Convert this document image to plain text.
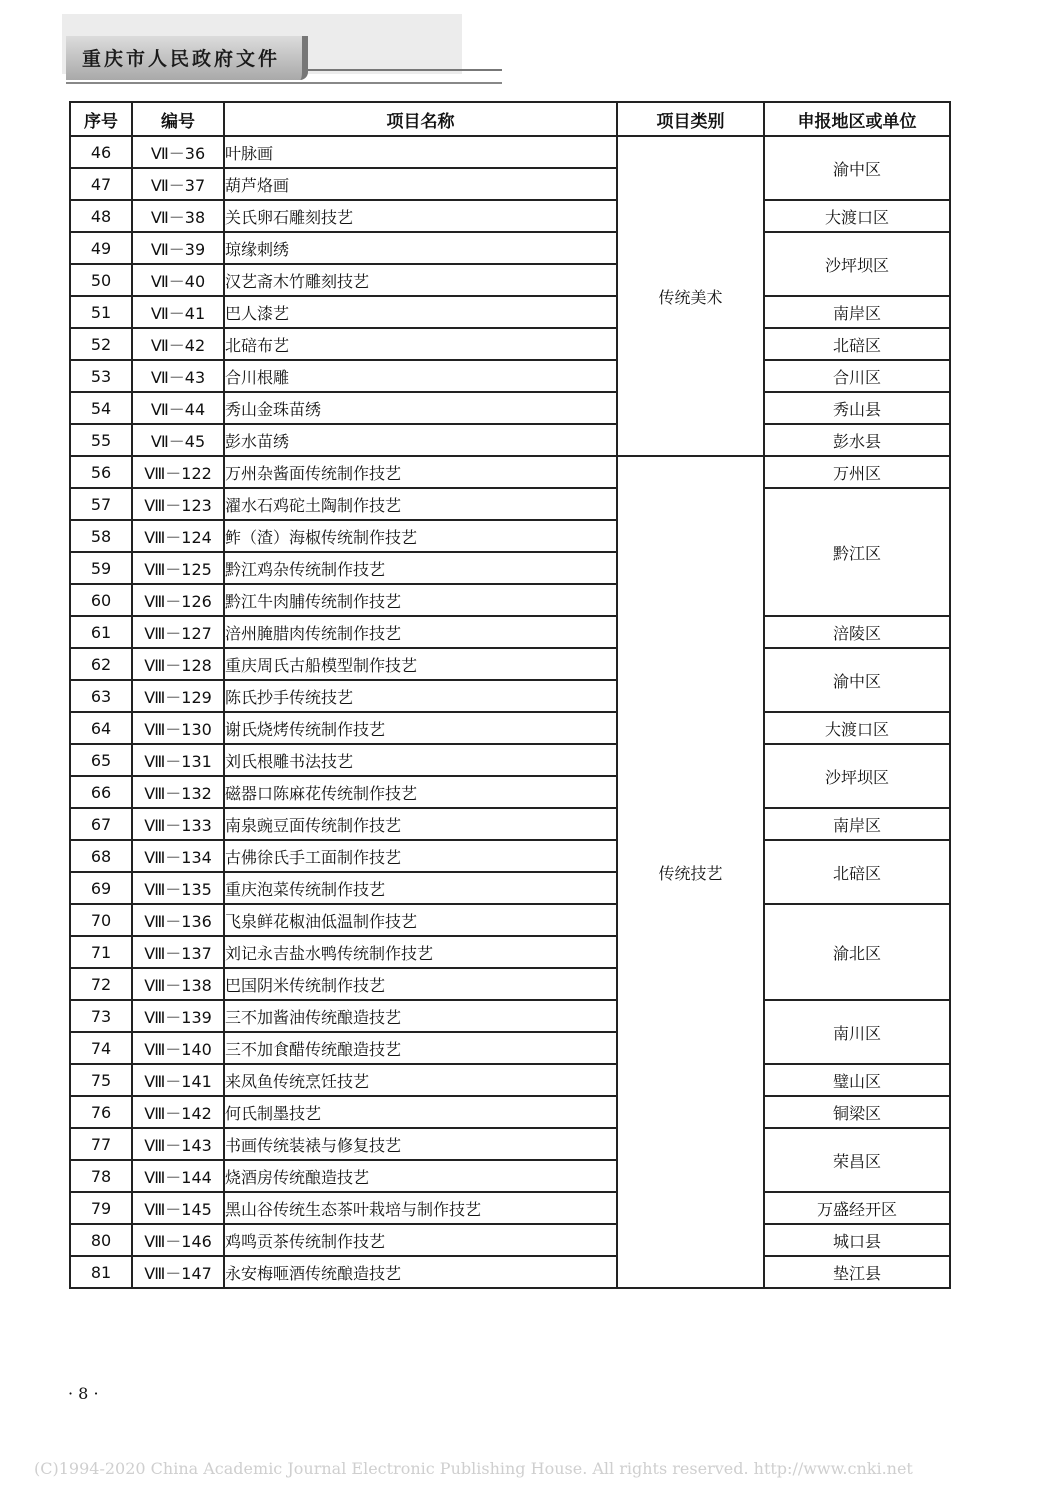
重庆市人民政府文件
序号	编号	项目名称	项目类别	申报地区或单位
46	Ⅶ－36	叶脉画	传统美术	渝中区
47	Ⅶ－37	葫芦烙画		
48	Ⅶ－38	关氏卵石雕刻技艺		大渡口区
49	Ⅶ－39	琼缘刺绣		沙坪坝区
50	Ⅶ－40	汉艺斋木竹雕刻技艺		
51	Ⅶ－41	巴人漆艺		南岸区
52	Ⅶ－42	北碚布艺		北碚区
53	Ⅶ－43	合川根雕		合川区
54	Ⅶ－44	秀山金珠苗绣		秀山县
55	Ⅶ－45	彭水苗绣		彭水县
56	Ⅷ－122	万州杂酱面传统制作技艺	传统技艺	万州区
57	Ⅷ－123	濯水石鸡砣土陶制作技艺		黔江区
58	Ⅷ－124	鲊（渣）海椒传统制作技艺		
59	Ⅷ－125	黔江鸡杂传统制作技艺		
60	Ⅷ－126	黔江牛肉脯传统制作技艺		
61	Ⅷ－127	涪州腌腊肉传统制作技艺		涪陵区
62	Ⅷ－128	重庆周氏古船模型制作技艺		渝中区
63	Ⅷ－129	陈氏抄手传统技艺		
64	Ⅷ－130	谢氏烧烤传统制作技艺		大渡口区
65	Ⅷ－131	刘氏根雕书法技艺		沙坪坝区
66	Ⅷ－132	磁器口陈麻花传统制作技艺		
67	Ⅷ－133	南泉豌豆面传统制作技艺		南岸区
68	Ⅷ－134	古佛徐氏手工面制作技艺		北碚区
69	Ⅷ－135	重庆泡菜传统制作技艺		
70	Ⅷ－136	飞泉鲜花椒油低温制作技艺		渝北区
71	Ⅷ－137	刘记永吉盐水鸭传统制作技艺		
72	Ⅷ－138	巴国阴米传统制作技艺		
73	Ⅷ－139	三不加酱油传统酿造技艺		南川区
74	Ⅷ－140	三不加食醋传统酿造技艺		
75	Ⅷ－141	来凤鱼传统烹饪技艺		璧山区
76	Ⅷ－142	何氏制墨技艺		铜梁区
77	Ⅷ－143	书画传统装裱与修复技艺		荣昌区
78	Ⅷ－144	烧酒房传统酿造技艺		
79	Ⅷ－145	黑山谷传统生态茶叶栽培与制作技艺		万盛经开区
80	Ⅷ－146	鸡鸣贡茶传统制作技艺		城口县
81	Ⅷ－147	永安梅咂酒传统酿造技艺		垫江县
· 8 ·
(C)1994-2020 China Academic Journal Electronic Publishing House. All rights reserved. http://www.cnki.net
